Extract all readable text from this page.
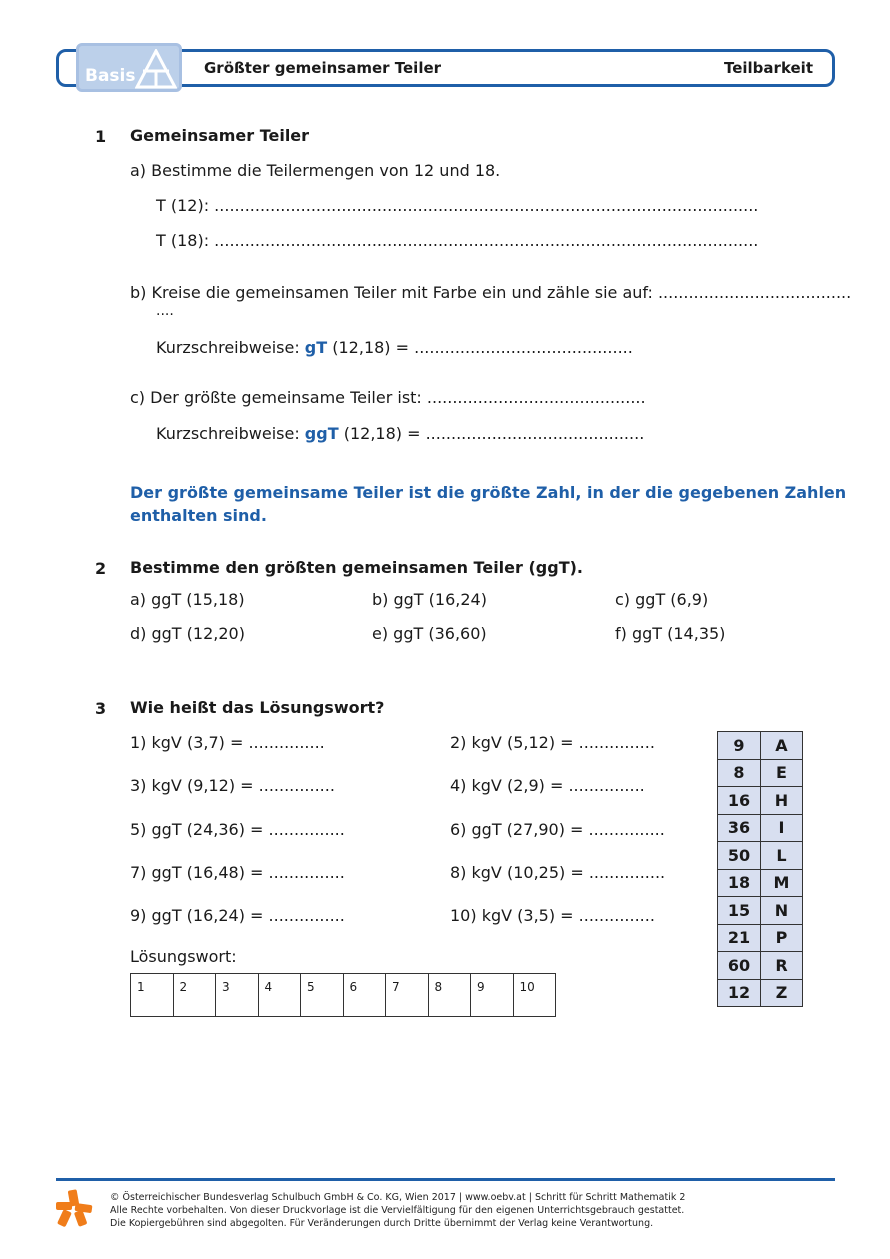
Basis	Größter gemeinsamer Teiler	Teilbarkeit
1 Gemeinsamer Teiler
a) Bestimme die Teilermengen von 12 und 18.
T (12): ...........................................................................................................
T (18): ...........................................................................................................
b) Kreise die gemeinsamen Teiler mit Farbe ein und zähle sie auf: ......................................
....
Kurzschreibweise: gT (12,18) = ...........................................
c) Der größte gemeinsame Teiler ist: ...........................................
Kurzschreibweise: ggT (12,18) = ...........................................
Der größte gemeinsame Teiler ist die größte Zahl, in der die gegebenen Zahlen
enthalten sind.
2 Bestimme den größten gemeinsamen Teiler (ggT).
a) ggT (15,18)	b) ggT (16,24)	c) ggT (6,9)
d) ggT (12,20)	e) ggT (36,60)	f) ggT (14,35)
3 Wie heißt das Lösungswort?
1) kgV (3,7) = ...............
3) kgV (9,12) = ...............
5) ggT (24,36) = ...............
7) ggT (16,48) = ...............
9) ggT (16,24) = ...............
2) kgV (5,12) = ...............
4) kgV (2,9) = ...............
6) ggT (27,90) = ...............
8) kgV (10,25) = ...............
10) kgV (3,5) = ...............
Lösungswort:
1	2	3	4	5	6	7	8	9	10
9	A
8	E
16	H
36	I
50	L
18	M
15	N
21	P
60	R
12	Z
© Österreichischer Bundesverlag Schulbuch GmbH & Co. KG, Wien 2017 | www.oebv.at | Schritt für Schritt Mathematik 2
Alle Rechte vorbehalten. Von dieser Druckvorlage ist die Vervielfältigung für den eigenen Unterrichtsgebrauch gestattet.
Die Kopiergebühren sind abgegolten. Für Veränderungen durch Dritte übernimmt der Verlag keine Verantwortung.
